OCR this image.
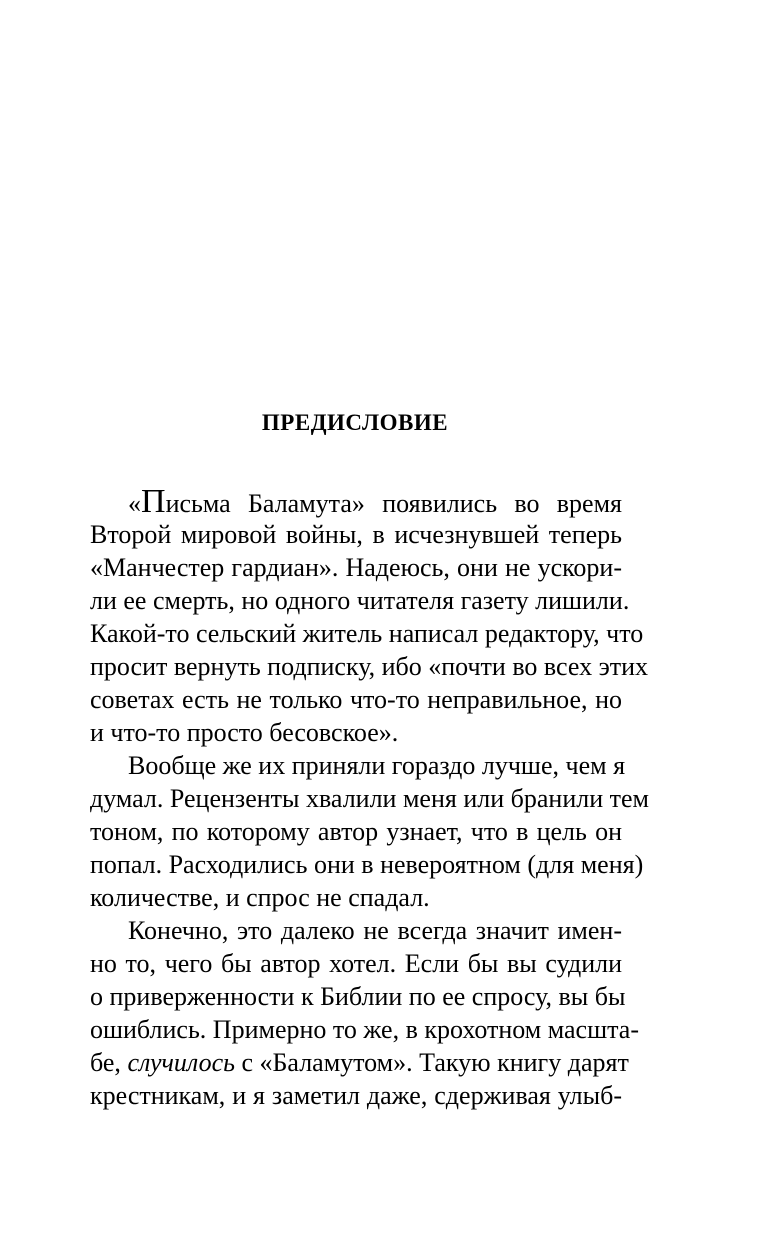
ПРЕДИСЛОВИЕ
«Письма Баламута» появились во время
Второй мировой войны, в исчезнувшей теперь
«Манчестер гардиан». Надеюсь, они не ускори-
ли ее смерть, но одного читателя газету лишили.
Какой-то сельский житель написал редактору, что
просит вернуть подписку, ибо «почти во всех этих
советах есть не только что-то неправильное, но
и что-то просто бесовское».
Вообще же их приняли гораздо лучше, чем я
думал. Рецензенты хвалили меня или бранили тем
тоном, по которому автор узнает, что в цель он
попал. Расходились они в невероятном (для меня)
количестве, и спрос не спадал.
Конечно, это далеко не всегда значит имен-
но то, чего бы автор хотел. Если бы вы судили
о приверженности к Библии по ее спросу, вы бы
ошиблись. Примерно то же, в крохотном масшта-
бе, случилось с «Баламутом». Такую книгу дарят
крестникам, и я заметил даже, сдерживая улыб-
